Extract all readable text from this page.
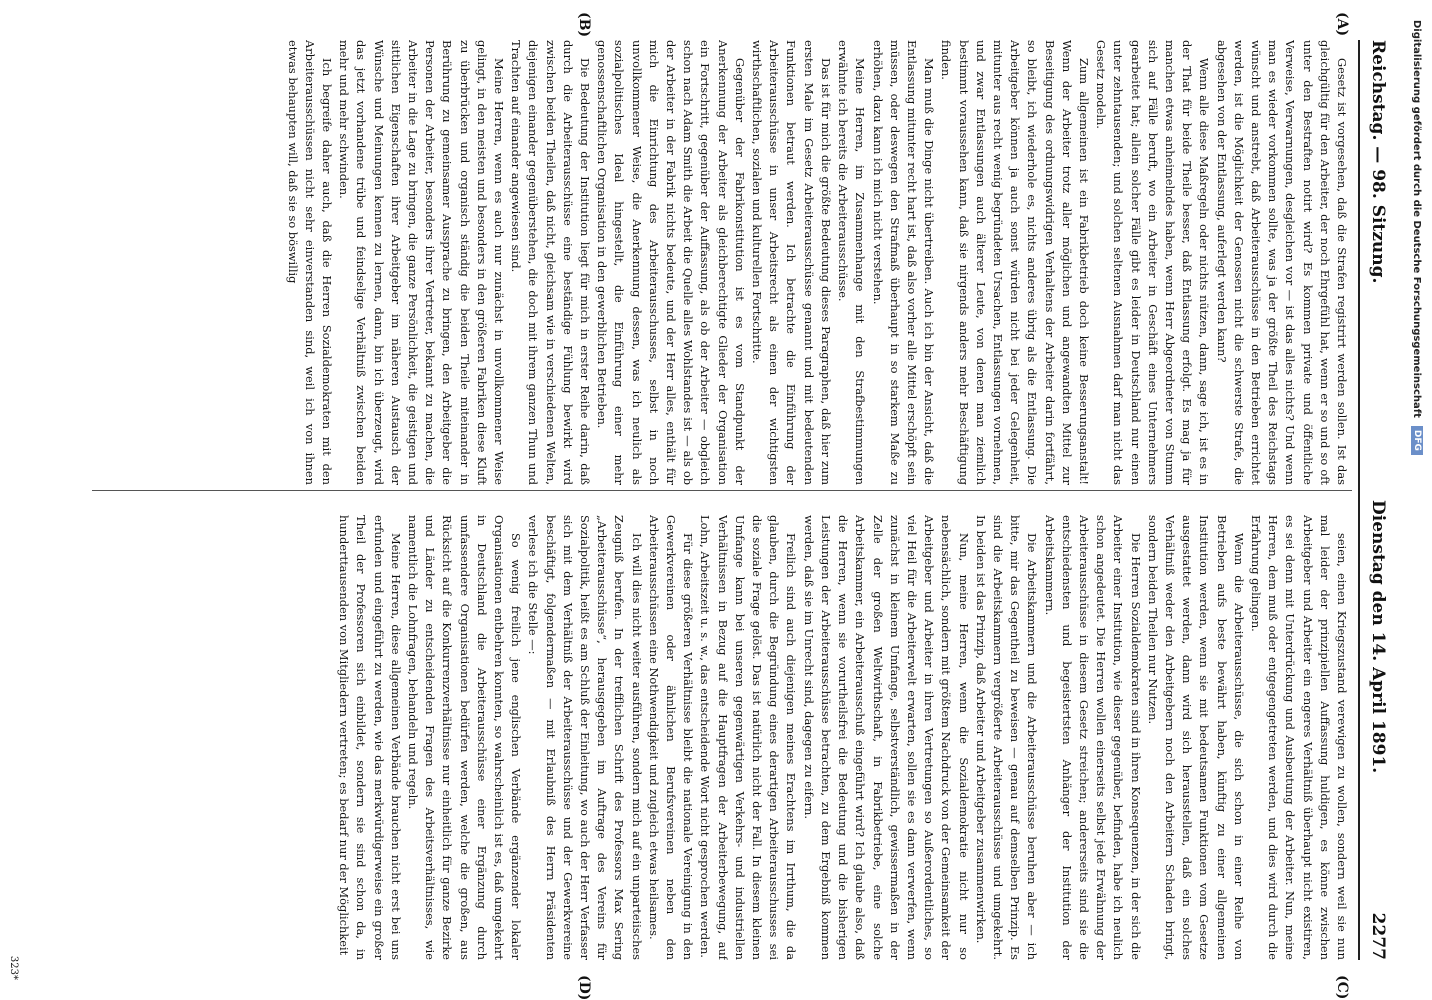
Reichstag. — 98. Sitzung.
Dienstag den 14. April 1891.
2277
(A)
(B)
(C)
(D)

Gesetz ist vorgesehen, daß die Strafen registrirt werden sollen. Ist das gleichgültig für den Arbeiter, der noch Ehrgefühl hat, wenn er so und so oft unter den Bestraften notirt wird? Es kommen private und öffentliche Verweise, Verwarnungen, desgleichen vor — ist das alles nichts? Und wenn man es wieder vorkommen sollte, was ja der größte Theil des Reichstags wünscht und anstrebt, daß Arbeiterausschüsse in den Betrieben errichtet werden, ist die Möglichkeit der Genossen nicht die schwerste Strafe, die abgesehen von der Entlassung, auferlegt werden kann?

Wenn alle diese Maßregeln oder nichts nützen, dann, sage ich, ist es in der That für beide Theile besser, daß Entlassung erfolgt. Es mag ja für manchen etwas anheimelndes haben, wenn Herr Abgeordneter von Stumm sich auf Fälle beruft, wo ein Arbeiter in Geschäft eines Unternehmers gearbeitet hat; allein solcher Fälle gibt es leider in Deutschland nur einen unter zehntausenden; und solchen seltenen Ausnahmen darf man nicht das Gesetz modeln.

Zum allgemeinen ist ein Fabrikbetrieb doch keine Besserungsanstalt! Wenn der Arbeiter trotz aller möglichen und angewandten Mittel zur Beseitigung des ordnungswidrigen Verhaltens der Arbeiter darin fortfährt, so bleibt, ich wiederhole es, nichts anderes übrig als die Entlassung. Die Arbeitgeber können ja auch sonst würden nicht bei jeder Gelegenheit, mitunter aus recht wenig begründeten Ursachen, Entlassungen vornehmen, und zwar Entlassungen auch älterer Leute, von denen man ziemlich bestimmt voraussehen kann, daß sie nirgends anders mehr Beschäftigung finden.

Man muß die Dinge nicht übertreiben. Auch ich bin der Ansicht, daß die Entlassung mitunter recht hart ist, daß also vorher alle Mittel erschöpft sein müssen, oder deswegen den Strafmaß überhaupt in so starkem Maße zu erhöhen, dazu kann ich mich nicht verstehen.

Meine Herren, im Zusammenhange mit den Strafbestimmungen erwähnte ich bereits die Arbeiterausschüsse.

Das ist für mich die größte Bedeutung dieses Paragraphen, daß hier zum ersten Male im Gesetz Arbeiterausschüsse genannt und mit bedeutenden Funktionen betraut werden. Ich betrachte die Einführung der Arbeiterausschüsse in unser Arbeitsrecht als einen der wichtigsten wirthschaftlichen, sozialen und kulturellen Fortschritte.

Gegenüber der Fabrikonstitution ist es vom Standpunkt der Anerkennung der Arbeiter als gleichberechtigte Glieder der Organisation ein Fortschritt, gegenüber der Auffassung, als ob der Arbeiter — obgleich schon nach Adam Smith die Arbeit die Quelle alles Wohlstandes ist — als ob der Arbeiter in der Fabrik nichts bedeute, und der Herr alles, enthält für mich die Einrichtung des Arbeiterausschusses, selbst in noch unvollkommener Weise, die Anerkennung dessen, was ich neulich als sozialpolitisches Ideal hingestellt, die Einführung einer mehr genossenschaftlichen Organisation in den gewerblichen Betrieben.

Die Bedeutung der Institution liegt für mich in erster Reihe darin, daß durch die Arbeiterausschüsse eine beständige Fühlung bewirkt wird zwischen beiden Theilen, daß nicht, gleichsam wie in verschiedenen Welten, diejenigen einander gegenüberstehen, die doch mit ihrem ganzen Thun und Trachten auf einander angewiesen sind.

Meine Herren, wenn es auch nur zunächst in unvollkommener Weise gelingt, in den meisten und besonders in den größeren Fabriken diese Kluft zu überbrücken und organisch ständig die beiden Theile miteinander in Berührung zu gemeinsamer Aussprache zu bringen, den Arbeitgeber die Personen der Arbeiter, besonders ihrer Vertreter, bekannt zu machen, die Arbeiter in die Lage zu bringen, die ganze Persönlichkeit, die geistigen und sittlichen Eigenschaften ihrer Arbeitgeber im näheren Austausch der Wünsche und Meinungen kennen zu lernen, dann, bin ich überzeugt, wird das jetzt vorhandene trübe und feindselige Verhältniß zwischen beiden mehr und mehr schwinden.

Ich begreife daher auch, daß die Herren Sozialdemokraten mit den Arbeiterausschüssen nicht sehr einverstanden sind, weil ich von ihnen etwas behaupten will, daß sie so böswillig

seien, einen Kriegszustand verewigen zu wollen, sondern weil sie nun mal leider der prinzipiellen Auffassung huldigen, es könne zwischen Arbeitgeber und Arbeiter ein engeres Verhältniß überhaupt nicht existiren, es sei denn mit Unterdrückung und Ausbeutung der Arbeiter. Nun, meine Herren, dem muß oder entgegengetreten werden, und dies wird durch die Erfahrung gelingen.

Wenn die Arbeiterausschüsse, die sich schon in einer Reihe von Betrieben aufs beste bewährt haben, künftig zu einer allgemeinen Institution werden, wenn sie mit bedeutsamen Funktionen vom Gesetze ausgestattet werden, dann wird sich herausstellen, daß ein solches Verhältniß weder den Arbeitgebern noch den Arbeitern Schaden bringt, sondern beiden Theilen nur Nutzen.

Die Herren Sozialdemokraten sind in ihren Konsequenzen, in der sich die Arbeiter einer Institution, wie dieser gegenüber, befinden, habe ich neulich schon angedeutet. Die Herren wollen einerseits selbst jede Erwähnung der Arbeiterausschüsse in diesem Gesetz streichen; andererseits sind sie die entschiedensten und begeistertsten Anhänger der Institution der Arbeitskammern.

Die Arbeitskammern und die Arbeiterausschüsse beruhen aber — ich bitte, mir das Gegentheil zu beweisen — genau auf demselben Prinzip. Es sind die Arbeitskammern vergrößerte Arbeiterausschüsse und umgekehrt. In beiden ist das Prinzip, daß Arbeiter und Arbeitgeber zusammenwirken.

Nun, meine Herren, wenn die Sozialdemokratie nicht nur so nebensächlich, sondern mit größtem Nachdruck von der Gemeinsamkeit der Arbeitgeber und Arbeiter in ihren Vertretungen so Außerordentliches, so viel Heil für die Arbeiterwelt erwarten, sollen sie es dann verwerfen, wenn zunächst in kleinem Umfange, selbstverständlich, gewissermaßen in der Zelle der großen Weltwirthschaft, in Fabrikbetriebe, eine solche Arbeitskammer, ein Arbeiterausschuß eingeführt wird? Ich glaube also, daß die Herren, wenn sie vorurtheilsfrei die Bedeutung und die bisherigen Leistungen der Arbeiterausschüsse betrachten, zu dem Ergebniß kommen werden, daß sie im Unrecht sind, dagegen zu eifern.

Freilich sind auch diejenigen meines Erachtens im Irrthum, die da glauben, durch die Begründung eines derartigen Arbeiterausschusses sei die soziale Frage gelöst. Das ist natürlich nicht der Fall. In diesem kleinen Umfange kann bei unseren gegenwärtigen Verkehrs- und industriellen Verhältnissen in Bezug auf die Hauptfragen der Arbeiterbewegung, auf Lohn, Arbeitszeit u. s. w., das entscheidende Wort nicht gesprochen werden.

Für diese größeren Verhältnisse bleibt die nationale Vereinigung in den Gewerkvereinen oder ähnlichen Berufsvereinen neben den Arbeiterausschüssen eine Nothwendigkeit und zugleich etwas heilsames.

Ich will dies nicht weiter ausführen, sondern mich auf ein unparteiisches Zeugniß berufen. In der trefflichen Schrift des Professors Max Sering „Arbeiterausschüsse“, herausgegeben im Auftrage des Vereins für Sozialpolitik, heißt es am Schluß der Einleitung, wo auch der Herr Verfasser sich mit dem Verhältniß der Arbeiterausschüsse und der Gewerkvereine beschäftigt, folgendermaßen — mit Erlaubniß des Herrn Präsidenten verlese ich die Stelle —:

So wenig freilich jene englischen Verbände ergänzender lokaler Organisationen entbehren konnten, so wahrscheinlich ist es, daß umgekehrt in Deutschland die Arbeiterausschüsse einer Ergänzung durch umfassendere Organisationen bedürfen werden, welche die großen, aus Rücksicht auf die Konkurrenzverhältnisse nur einheitlich für ganze Bezirke und Länder zu entscheidenden Fragen des Arbeitsverhältnisses, wie namentlich die Lohnfragen, behandeln und regeln.

Meine Herren, diese allgemeinen Verbände brauchen nicht erst bei uns erfunden und eingeführt zu werden, wie das merkwürdigerweise ein großer Theil der Professoren sich einbildet, sondern sie sind schon da, in hunderttausenden von Mitgliedern vertreten; es bedarf nur der Möglichkeit

323*
Digitalisierung gefördert durch die Deutsche Forschungsgemeinschaft
DFG
